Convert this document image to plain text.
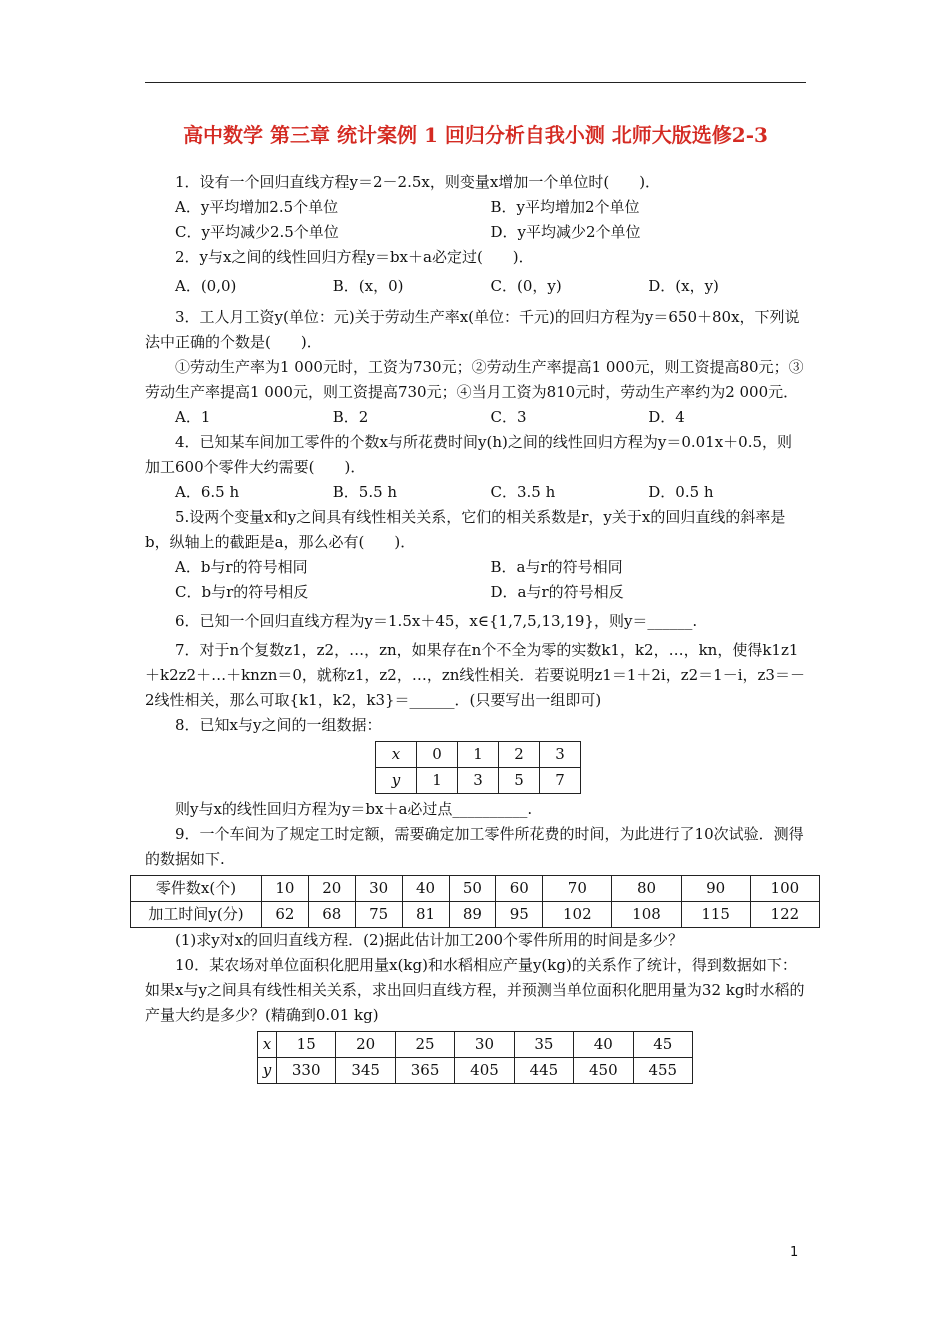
高中数学 第三章 统计案例 1 回归分析自我小测 北师大版选修2-3

1．设有一个回归直线方程y＝2－2.5x，则变量x增加一个单位时(　　)．

A．y平均增加2.5个单位	B．y平均增加2个单位
C．y平均减少2.5个单位	D．y平均减少2个单位

2．y与x之间的线性回归方程y＝bx＋a必定过(　　)．

A．(0,0)	B．(x，0)	C．(0，y)	D．(x，y)

3．工人月工资y(单位：元)关于劳动生产率x(单位：千元)的回归方程为y＝650＋80x，下列说法中正确的个数是(　　)．

①劳动生产率为1 000元时，工资为730元；②劳动生产率提高1 000元，则工资提高80元；③劳动生产率提高1 000元，则工资提高730元；④当月工资为810元时，劳动生产率约为2 000元．

A．1	B．2	C．3	D．4

4．已知某车间加工零件的个数x与所花费时间y(h)之间的线性回归方程为y＝0.01x＋0.5，则加工600个零件大约需要(　　)．

A．6.5 h	B．5.5 h	C．3.5 h	D．0.5 h

5.设两个变量x和y之间具有线性相关关系，它们的相关系数是r，y关于x的回归直线的斜率是b，纵轴上的截距是a，那么必有(　　)．

A．b与r的符号相同	B．a与r的符号相同
C．b与r的符号相反	D．a与r的符号相反

6．已知一个回归直线方程为y＝1.5x＋45，x∈{1,7,5,13,19}，则y＝______.

7．对于n个复数z1，z2，…，zn，如果存在n个不全为零的实数k1，k2，…，kn，使得k1z1＋k2z2＋…＋knzn＝0，就称z1，z2，…，zn线性相关．若要说明z1＝1＋2i，z2＝1－i，z3＝－2线性相关，那么可取{k1，k2，k3}＝______．(只要写出一组即可)

8．已知x与y之间的一组数据：

x	0	1	2	3
y	1	3	5	7

则y与x的线性回归方程为y＝bx＋a必过点__________.

9．一个车间为了规定工时定额，需要确定加工零件所花费的时间，为此进行了10次试验．测得的数据如下.

零件数x(个)	10	20	30	40	50	60	70	80	90	100
加工时间y(分)	62	68	75	81	89	95	102	108	115	122

(1)求y对x的回归直线方程．(2)据此估计加工200个零件所用的时间是多少？

10．某农场对单位面积化肥用量x(kg)和水稻相应产量y(kg)的关系作了统计，得到数据如下：如果x与y之间具有线性相关关系，求出回归直线方程，并预测当单位面积化肥用量为32 kg时水稻的产量大约是多少？(精确到0.01 kg)

x	15	20	25	30	35	40	45
y	330	345	365	405	445	450	455
1
